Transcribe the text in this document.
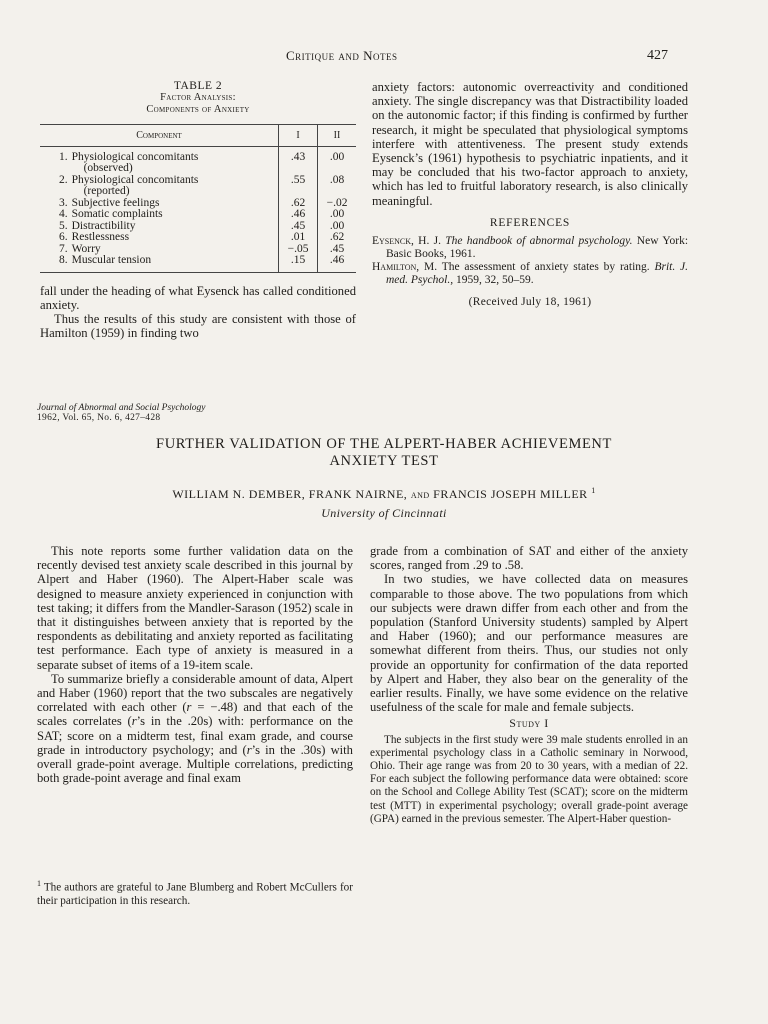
Critique and Notes	427
TABLE 2
Factor Analysis:
Components of Anxiety
Component		I	II
1.	Physiological concomitants
(observed)	.43	.00
2.	Physiological concomitants
(reported)	.55	.08
3.	Subjective feelings	.62	−.02
4.	Somatic complaints	.46	.00
5.	Distractibility	.45	.00
6.	Restlessness	.01	.62
7.	Worry	−.05	.45
8.	Muscular tension	.15	.46

fall under the heading of what Eysenck has called conditioned anxiety.

Thus the results of this study are consistent with those of Hamilton (1959) in finding two

anxiety factors: autonomic overreactivity and conditioned anxiety. The single discrepancy was that Distractibility loaded on the autonomic factor; if this finding is confirmed by further research, it might be speculated that physiological symptoms interfere with attentiveness. The present study extends Eysenck’s (1961) hypothesis to psychiatric inpatients, and it may be concluded that his two-factor approach to anxiety, which has led to fruitful laboratory research, is also clinically meaningful.

REFERENCES

Eysenck, H. J. The handbook of abnormal psychology. New York: Basic Books, 1961.

Hamilton, M. The assessment of anxiety states by rating. Brit. J. med. Psychol., 1959, 32, 50–59.

(Received July 18, 1961)
Journal of Abnormal and Social Psychology
1962, Vol. 65, No. 6, 427–428
FURTHER VALIDATION OF THE ALPERT-HABER ACHIEVEMENT
ANXIETY TEST
WILLIAM N. DEMBER, FRANK NAIRNE, and FRANCIS JOSEPH MILLER $^1$
University of Cincinnati

This note reports some further validation data on the recently devised test anxiety scale described in this journal by Alpert and Haber (1960). The Alpert-Haber scale was designed to measure anxiety experienced in conjunction with test taking; it differs from the Mandler-Sarason (1952) scale in that it distinguishes between anxiety that is reported by the respondents as debilitating and anxiety reported as facilitating test performance. Each type of anxiety is measured in a separate subset of items of a 19-item scale.

To summarize briefly a considerable amount of data, Alpert and Haber (1960) report that the two subscales are negatively correlated with each other (r = −.48) and that each of the scales correlates (r’s in the .20s) with: performance on the SAT; score on a midterm test, final exam grade, and course grade in introductory psychology; and (r’s in the .30s) with overall grade-point average. Multiple correlations, predicting both grade-point average and final exam

$^1$ The authors are grateful to Jane Blumberg and Robert McCullers for their participation in this research.

grade from a combination of SAT and either of the anxiety scores, ranged from .29 to .58.

In two studies, we have collected data on measures comparable to those above. The two populations from which our subjects were drawn differ from each other and from the population (Stanford University students) sampled by Alpert and Haber (1960); and our performance measures are somewhat different from theirs. Thus, our studies not only provide an opportunity for confirmation of the data reported by Alpert and Haber, they also bear on the generality of the earlier results. Finally, we have some evidence on the relative usefulness of the scale for male and female subjects.

Study I

The subjects in the first study were 39 male students enrolled in an experimental psychology class in a Catholic seminary in Norwood, Ohio. Their age range was from 20 to 30 years, with a median of 22. For each subject the following performance data were obtained: score on the School and College Ability Test (SCAT); score on the midterm test (MTT) in experimental psychology; overall grade-point average (GPA) earned in the previous semester. The Alpert-Haber question-
